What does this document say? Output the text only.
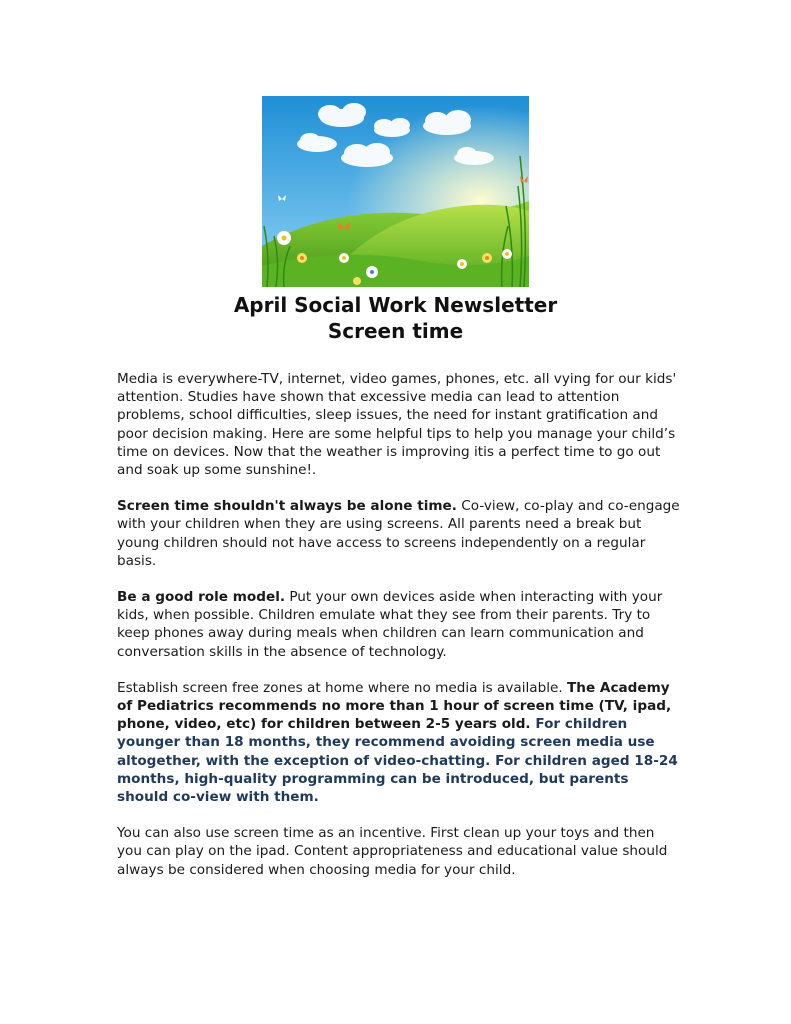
April Social Work Newsletter
Screen time

Media is everywhere-TV, internet, video games, phones, etc. all vying for our kids' attention. Studies have shown that excessive media can lead to attention problems, school difficulties, sleep issues, the need for instant gratification and poor decision making. Here are some helpful tips to help you manage your child’s time on devices. Now that the weather is improving itis a perfect time to go out and soak up some sunshine!.

Screen time shouldn't always be alone time. Co-view, co-play and co-engage with your children when they are using screens. All parents need a break but young children should not have access to screens independently on a regular basis.

Be a good role model. Put your own devices aside when interacting with your kids, when possible. Children emulate what they see from their parents. Try to keep phones away during meals when children can learn communication and conversation skills in the absence of technology.

Establish screen free zones at home where no media is available. The Academy of Pediatrics recommends no more than 1 hour of screen time (TV, ipad, phone, video, etc) for children between 2-5 years old. For children younger than 18 months, they recommend avoiding screen media use altogether, with the exception of video-chatting. For children aged 18-24 months, high-quality programming can be introduced, but parents should co-view with them.

You can also use screen time as an incentive. First clean up your toys and then you can play on the ipad. Content appropriateness and educational value should always be considered when choosing media for your child.
